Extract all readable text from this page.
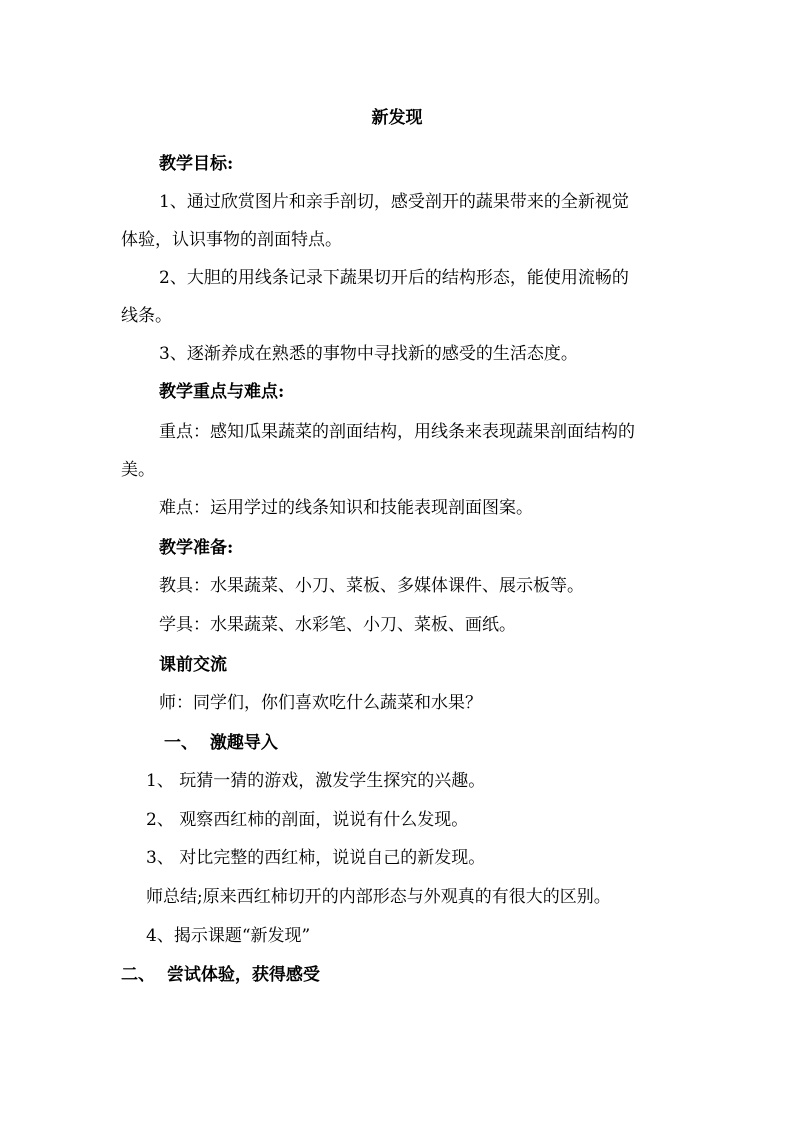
新发现
教学目标:
1、通过欣赏图片和亲手剖切，感受剖开的蔬果带来的全新视觉
体验，认识事物的剖面特点。
2、大胆的用线条记录下蔬果切开后的结构形态，能使用流畅的
线条。
3、逐渐养成在熟悉的事物中寻找新的感受的生活态度。
教学重点与难点:
重点：感知瓜果蔬菜的剖面结构，用线条来表现蔬果剖面结构的
美。
难点：运用学过的线条知识和技能表现剖面图案。
教学准备:
教具：水果蔬菜、小刀、菜板、多媒体课件、展示板等。
学具：水果蔬菜、水彩笔、小刀、菜板、画纸。
课前交流
师：同学们，你们喜欢吃什么蔬菜和水果？
一、  激趣导入
1、 玩猜一猜的游戏，激发学生探究的兴趣。
2、 观察西红柿的剖面，说说有什么发现。
3、 对比完整的西红柿，说说自己的新发现。
师总结;原来西红柿切开的内部形态与外观真的有很大的区别。
4、揭示课题“新发现”
二、  尝试体验，获得感受
